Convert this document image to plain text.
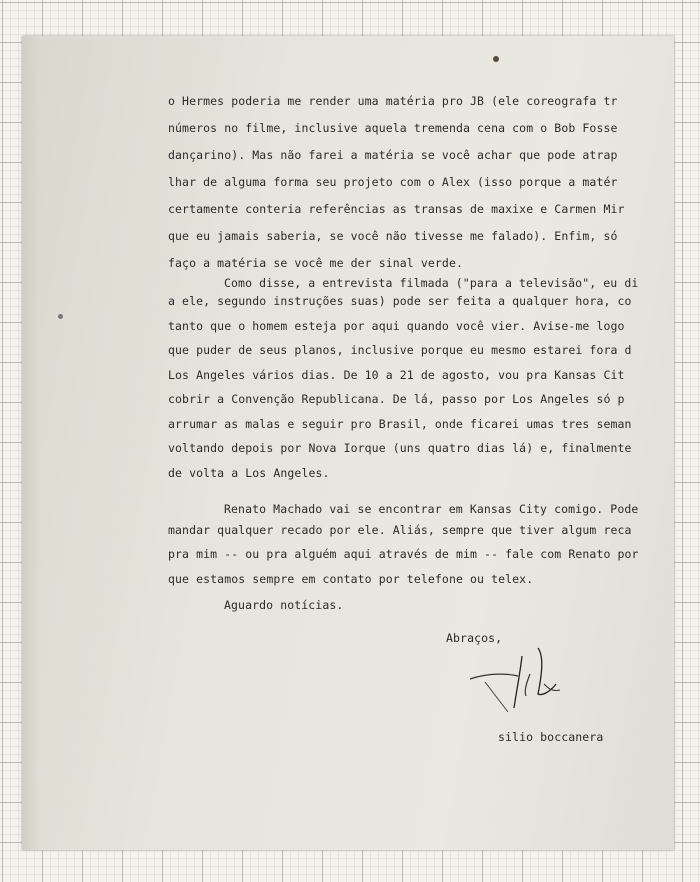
o Hermes poderia me render uma matéria pro JB (ele coreografa tr
números no filme, inclusive aquela tremenda cena com o Bob Fosse
dançarino). Mas não farei a matéria se você achar que pode atrap
lhar de alguma forma seu projeto com o Alex (isso porque a matér
certamente conteria referências as transas de maxixe e Carmen Mir
que eu jamais saberia, se você não tivesse me falado). Enfim, só
faço a matéria se você me der sinal verde.
Como disse, a entrevista filmada ("para a televisão", eu di
a ele, segundo instruções suas) pode ser feita a qualquer hora, co
tanto que o homem esteja por aqui quando você vier. Avise-me logo
que puder de seus planos, inclusive porque eu mesmo estarei fora d
Los Angeles vários dias. De 10 a 21 de agosto, vou pra Kansas Cit
cobrir a Convenção Republicana. De lá, passo por Los Angeles só p
arrumar as malas e seguir pro Brasil, onde ficarei umas tres seman
voltando depois por Nova Iorque (uns quatro dias lá) e, finalmente
de volta a Los Angeles.
Renato Machado vai se encontrar em Kansas City comigo. Pode
mandar qualquer recado por ele. Aliás, sempre que tiver algum reca
pra mim -- ou pra alguém aqui através de mim -- fale com Renato por
que estamos sempre em contato por telefone ou telex.
Aguardo notícias.
Abraços,
silio boccanera
